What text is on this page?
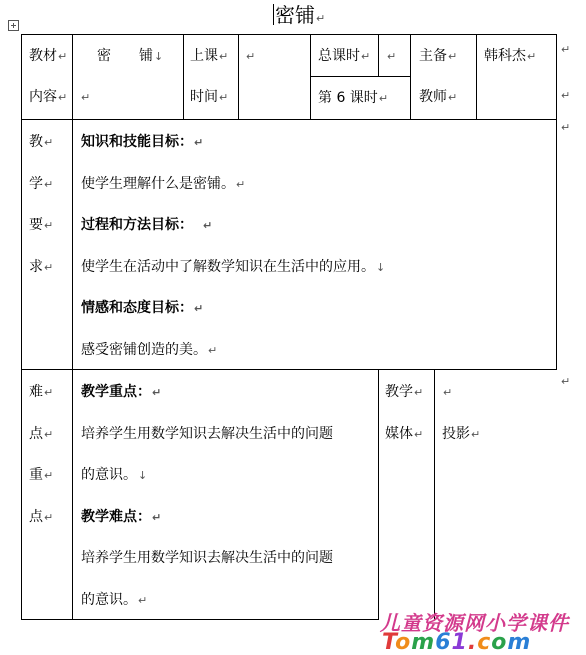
密铺↵
↵
↵
↵
↵
教材↵
内容↵
密　　铺↓
↵
上课↵
时间↵
↵	总课时↵ ↵
第 6 课时↵
主备↵
教师↵
韩科杰↵
教↵
学↵
要↵
求↵
知识和技能目标：↵
使学生理解什么是密铺。↵
过程和方法目标： ↵
使学生在活动中了解数学知识在生活中的应用。↓
情感和态度目标：↵
感受密铺创造的美。↵
难↵
点↵
重↵
点↵
教学重点：↵
培养学生用数学知识去解决生活中的问题
的意识。↓
教学难点：↵
培养学生用数学知识去解决生活中的问题
的意识。↵
教学↵
媒体↵
↵
投影↵
儿童资源网小学课件
Tom61.com
